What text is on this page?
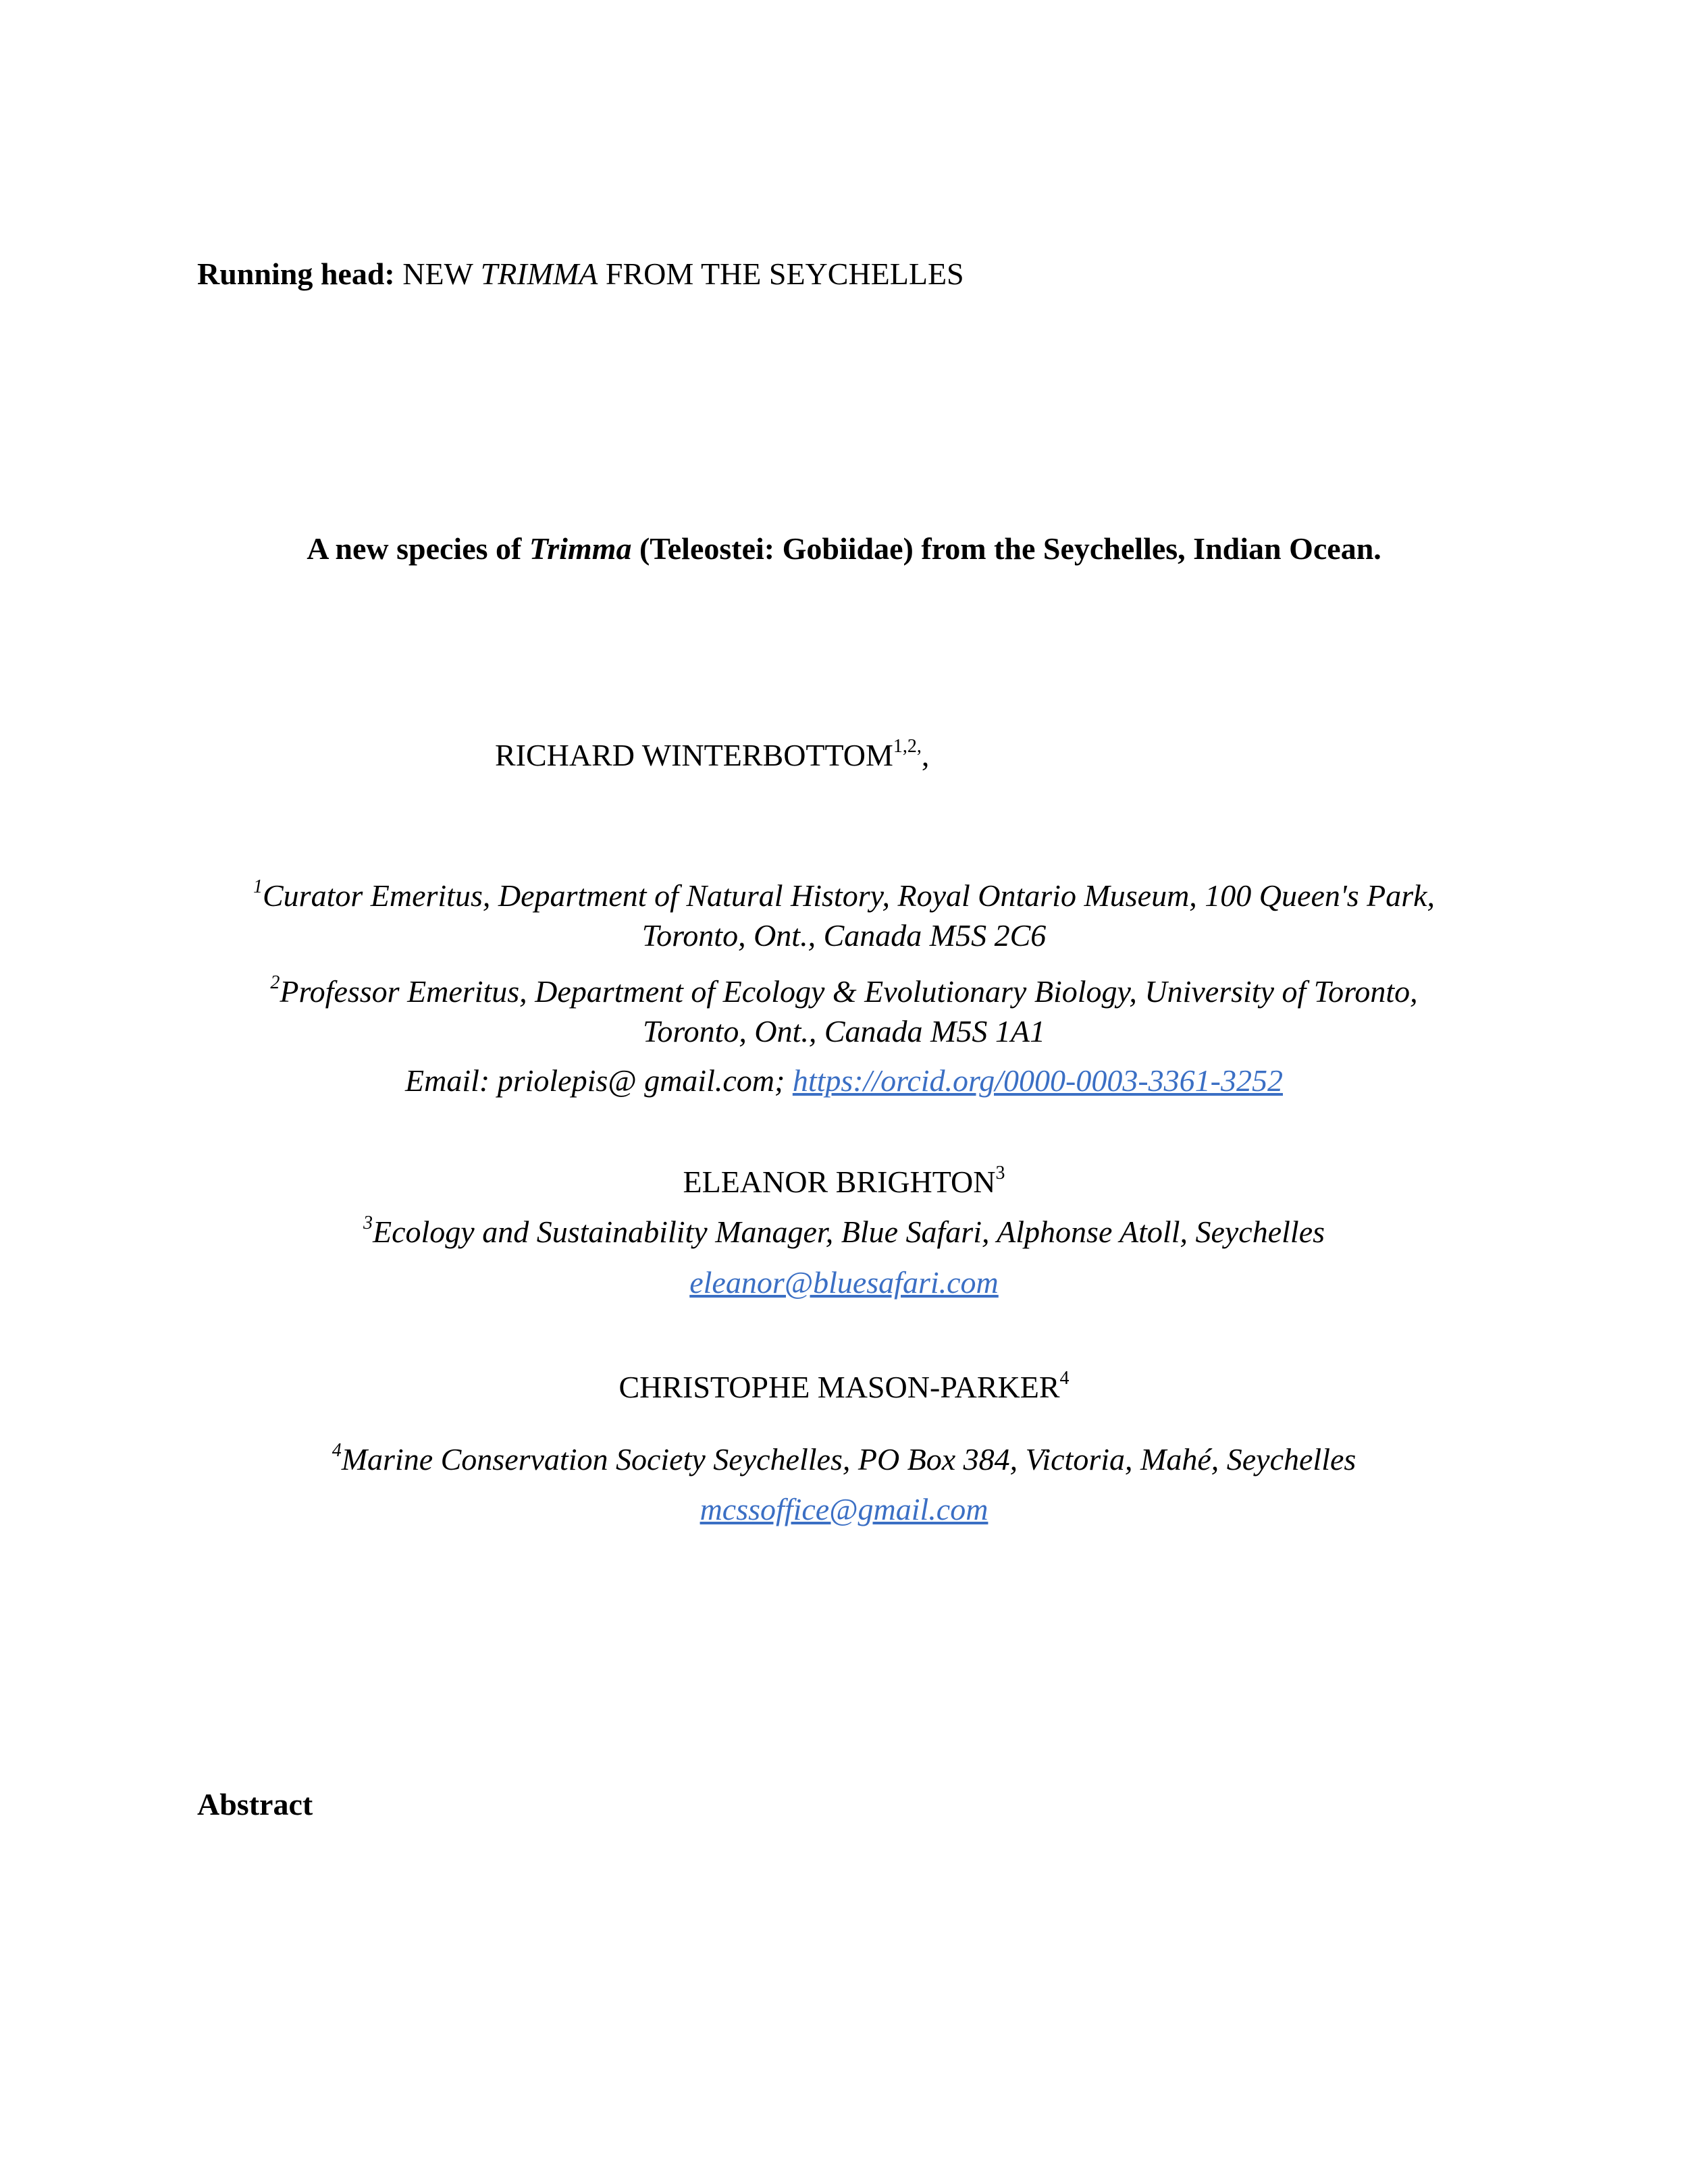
Running head: NEW TRIMMA FROM THE SEYCHELLES
A new species of Trimma (Teleostei: Gobiidae) from the Seychelles, Indian Ocean.
RICHARD $WINTERBOTTOM^{1,2,}$,
$^1$Curator Emeritus, Department of Natural History, Royal Ontario Museum, 100 Queen's Park,
Toronto, Ont., Canada M5S 2C6
$^2$Professor Emeritus, Department of Ecology & Evolutionary Biology, University of Toronto,
Toronto, Ont., Canada M5S 1A1
Email: priolepis@ gmail.com; https://orcid.org/0000-0003-3361-3252
ELEANOR BRIGHTON$^3$
$^3$Ecology and Sustainability Manager, Blue Safari, Alphonse Atoll, Seychelles
eleanor@bluesafari.com
CHRISTOPHE MASON-PARKER$^4$
$^4$Marine Conservation Society Seychelles, PO Box 384, Victoria, Mahé, Seychelles
mcssoffice@gmail.com
Abstract
